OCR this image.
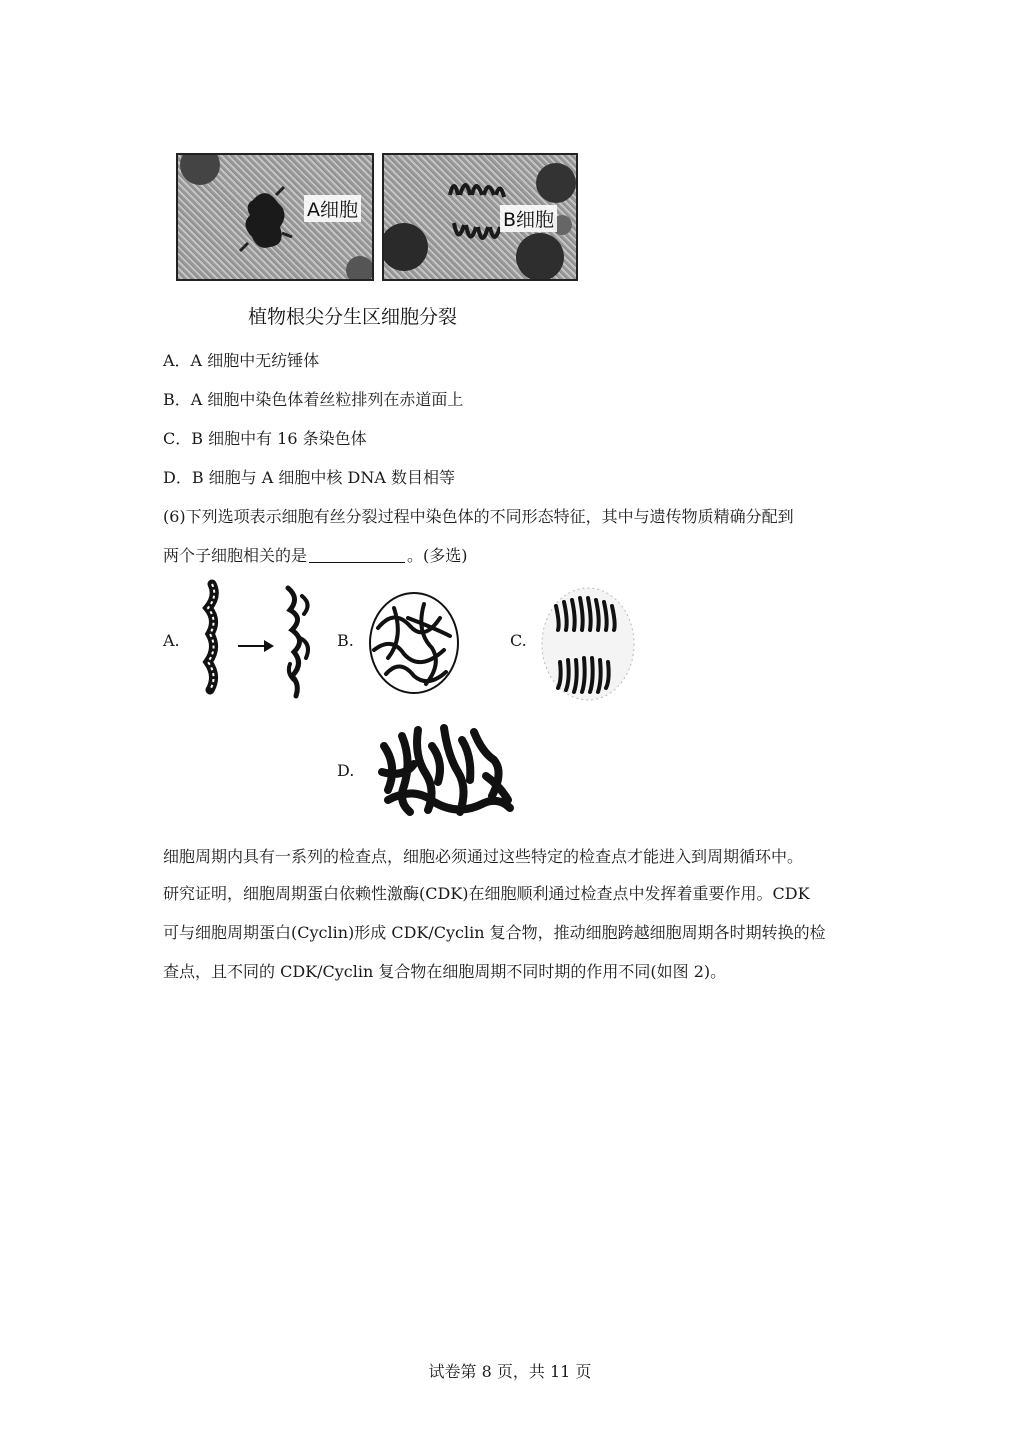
A细胞	B细胞
植物根尖分生区细胞分裂
A．A 细胞中无纺锤体
B．A 细胞中染色体着丝粒排列在赤道面上
C．B 细胞中有 16 条染色体
D．B 细胞与 A 细胞中核 DNA 数目相等
(6)下列选项表示细胞有丝分裂过程中染色体的不同形态特征，其中与遗传物质精确分配到
两个子细胞相关的是	。(多选)
A.	B.	C.
D.
细胞周期内具有一系列的检查点，细胞必须通过这些特定的检查点才能进入到周期循环中。
研究证明，细胞周期蛋白依赖性激酶(CDK)在细胞顺利通过检查点中发挥着重要作用。CDK
可与细胞周期蛋白(Cyclin)形成 CDK/Cyclin 复合物，推动细胞跨越细胞周期各时期转换的检
查点，且不同的 CDK/Cyclin 复合物在细胞周期不同时期的作用不同(如图 2)。
试卷第 8 页，共 11 页
